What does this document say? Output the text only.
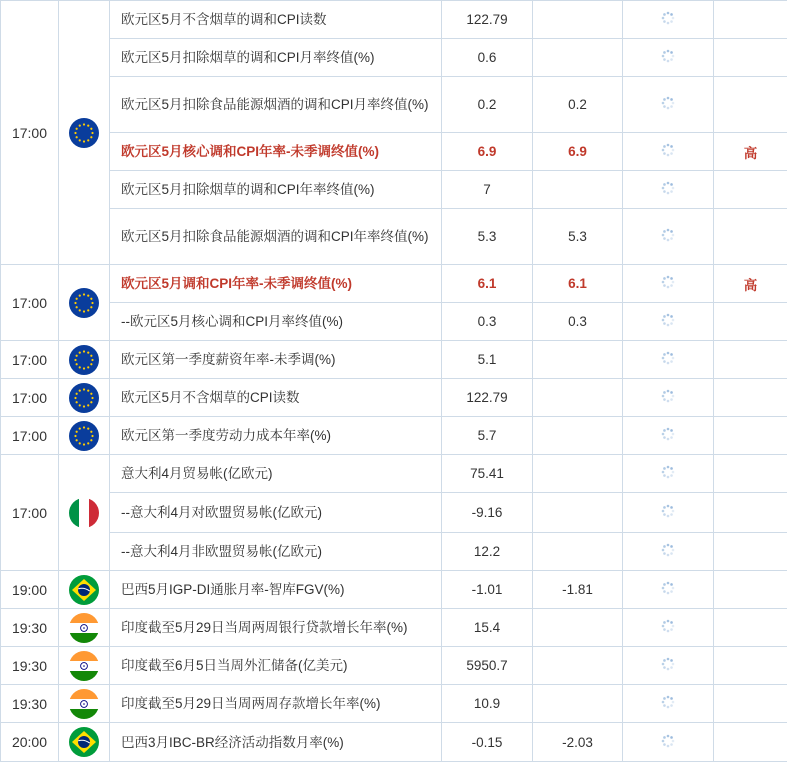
17:00		欧元区5月不含烟草的调和CPI读数	122.79			
		欧元区5月扣除烟草的调和CPI月率终值(%)	0.6			
		欧元区5月扣除食品能源烟酒的调和CPI月率终值(%)	0.2	0.2		
		欧元区5月核心调和CPI年率-未季调终值(%)	6.9	6.9		高
		欧元区5月扣除烟草的调和CPI年率终值(%)	7			
		欧元区5月扣除食品能源烟酒的调和CPI年率终值(%)	5.3	5.3		
17:00		欧元区5月调和CPI年率-未季调终值(%)	6.1	6.1		高
		--欧元区5月核心调和CPI月率终值(%)	0.3	0.3		
17:00		欧元区第一季度薪资年率-未季调(%)	5.1			
17:00		欧元区5月不含烟草的CPI读数	122.79			
17:00		欧元区第一季度劳动力成本年率(%)	5.7			
17:00		意大利4月贸易帐(亿欧元)	75.41			
		--意大利4月对欧盟贸易帐(亿欧元)	-9.16			
		--意大利4月非欧盟贸易帐(亿欧元)	12.2			
19:00		巴西5月IGP-DI通胀月率-智库FGV(%)	-1.01	-1.81		
19:30		印度截至5月29日当周两周银行贷款增长年率(%)	15.4			
19:30		印度截至6月5日当周外汇储备(亿美元)	5950.7			
19:30		印度截至5月29日当周两周存款增长年率(%)	10.9			
20:00		巴西3月IBC-BR经济活动指数月率(%)	-0.15	-2.03		
